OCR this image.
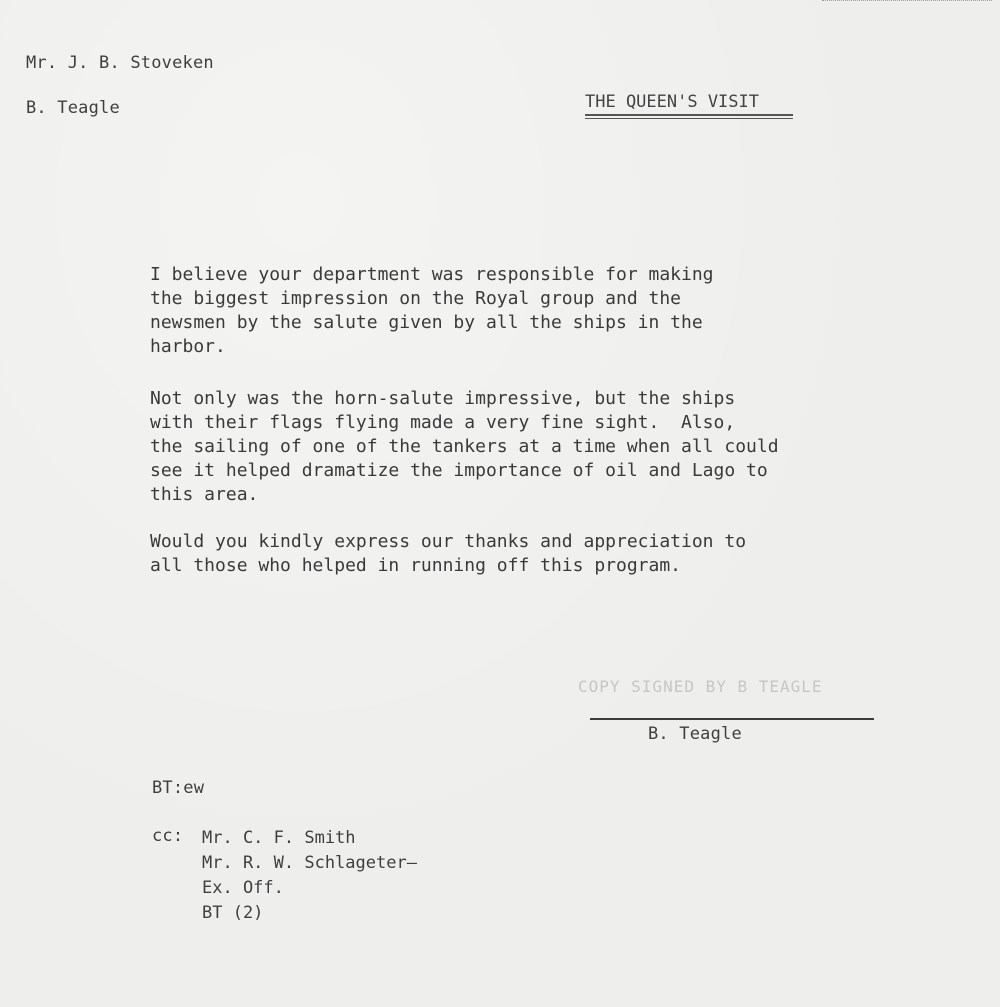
Mr. J. B. Stoveken
B. Teagle	THE QUEEN'S VISIT
I believe your department was responsible for making
the biggest impression on the Royal group and the
newsmen by the salute given by all the ships in the
harbor.
Not only was the horn-salute impressive, but the ships
with their flags flying made a very fine sight.  Also,
the sailing of one of the tankers at a time when all could
see it helped dramatize the importance of oil and Lago to
this area.
Would you kindly express our thanks and appreciation to
all those who helped in running off this program.
COPY SIGNED BY B TEAGLE
B. Teagle
BT:ew
cc: Mr. C. F. Smith
Mr. R. W. Schlageter—
Ex. Off.
BT (2)
